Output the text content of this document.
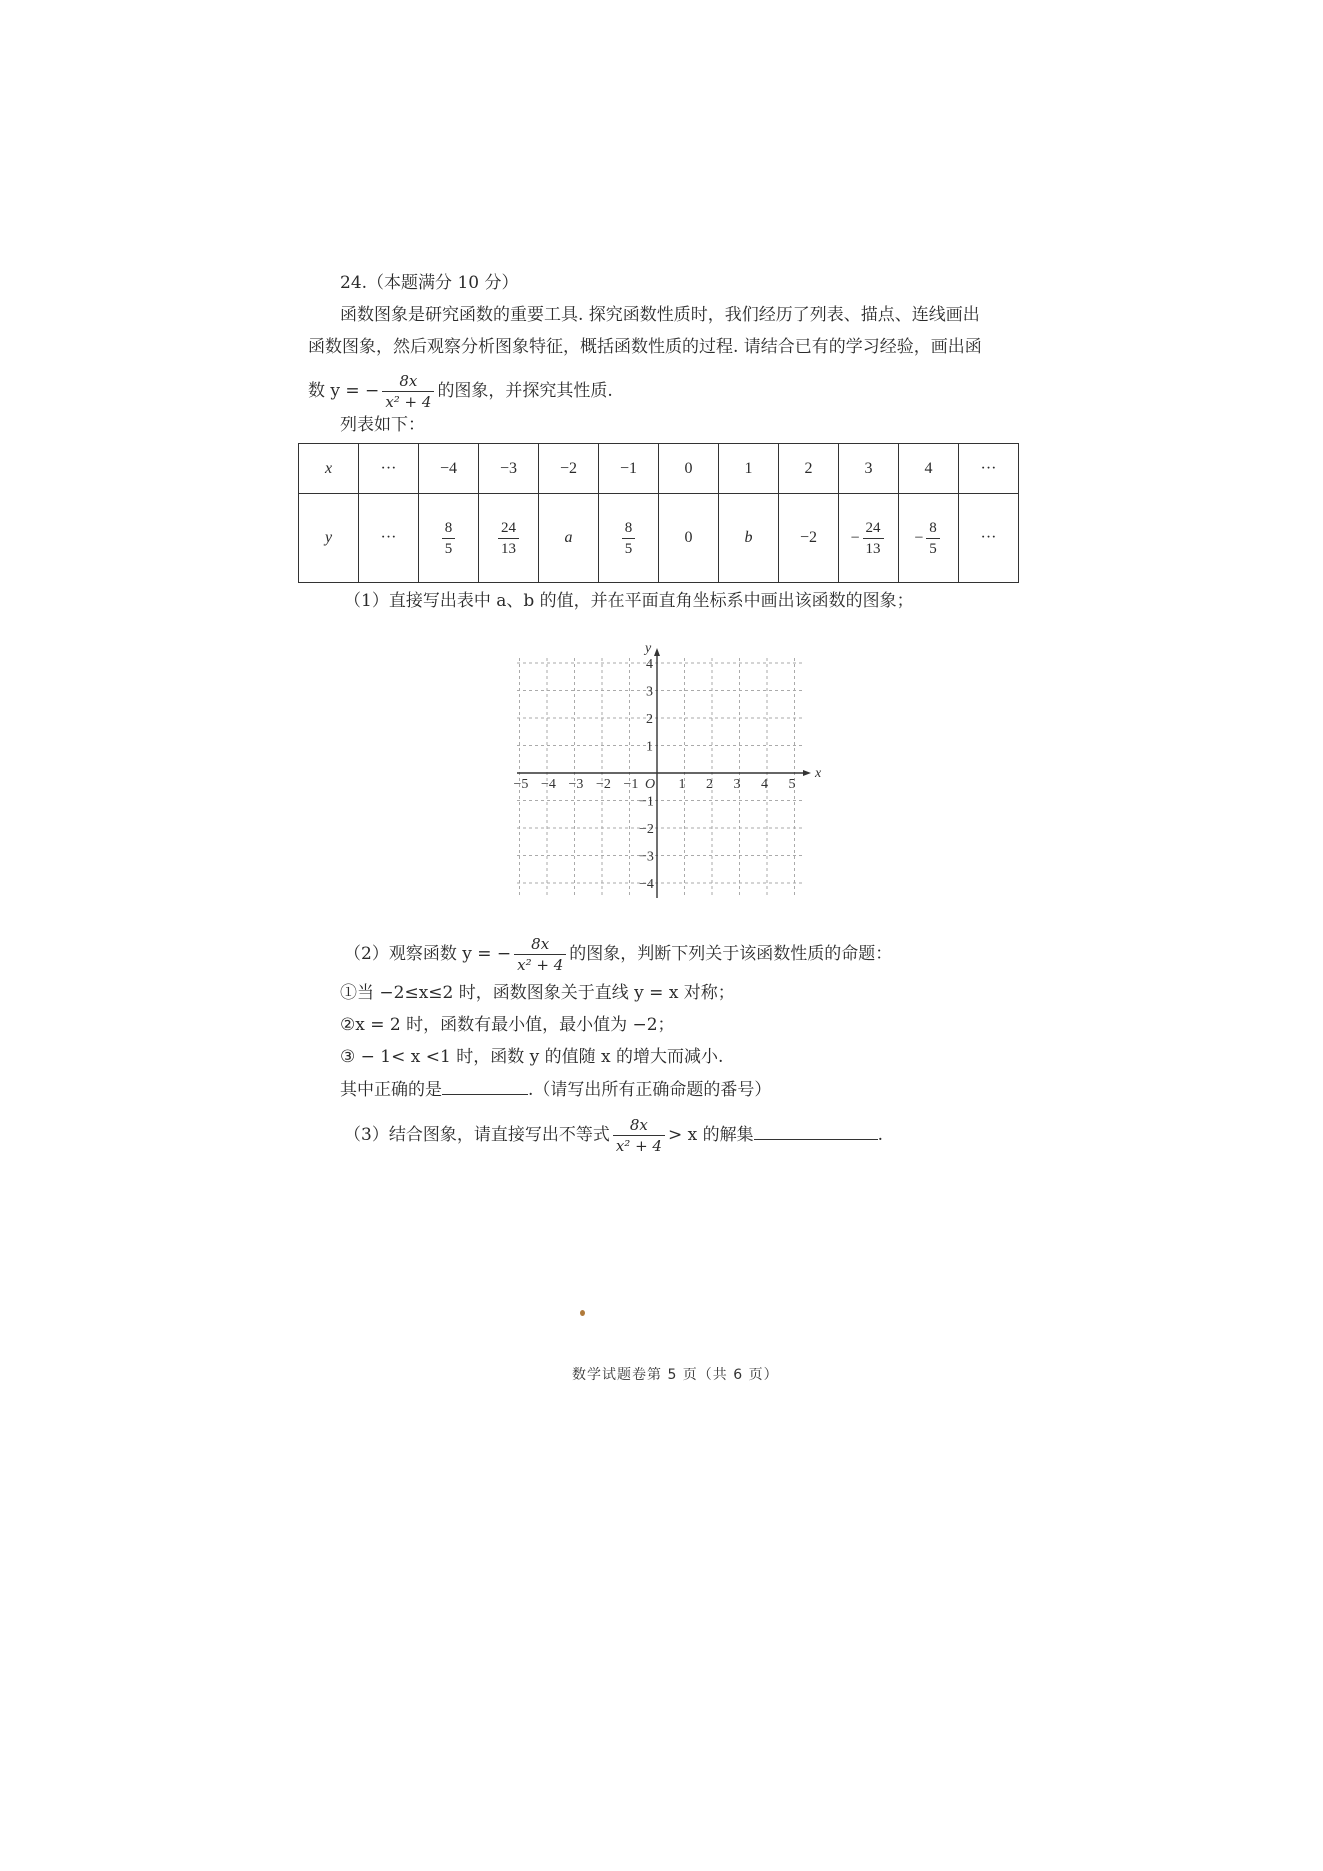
24.（本题满分 10 分）
函数图象是研究函数的重要工具. 探究函数性质时，我们经历了列表、描点、连线画出
函数图象，然后观察分析图象特征，概括函数性质的过程. 请结合已有的学习经验，画出函
数 y = − $\frac{8x}{\text{x² + 4}}$ 的图象，并探究其性质.
列表如下：
x	···	−4	−3	−2	−1	0	1	2	3	4	···
y	···	$\frac{8}{5}$	$\frac{24}{13}$	a	$\frac{8}{5}$	0	b	−2	− $\frac{24}{13}$	− $\frac{8}{5}$	···
（1）直接写出表中 a、b 的值，并在平面直角坐标系中画出该函数的图象；
x
y
O
−5 −4 −3 −2 −1	1 2 3 4 5
4
3
2
1
−1
−2
−3
−4
（2）观察函数 y = − $\frac{8x}{\text{x² + 4}}$ 的图象，判断下列关于该函数性质的命题：
①当 −2≤x≤2 时，函数图象关于直线 y = x 对称；
②x = 2 时，函数有最小值，最小值为 −2；
③ − 1< x <1 时，函数 y 的值随 x 的增大而减小.
其中正确的是	.（请写出所有正确命题的番号）
（3）结合图象，请直接写出不等式 $\frac{8x}{\text{x² + 4}} > x$ 的解集	.
数学试题卷第 5 页（共 6 页）
